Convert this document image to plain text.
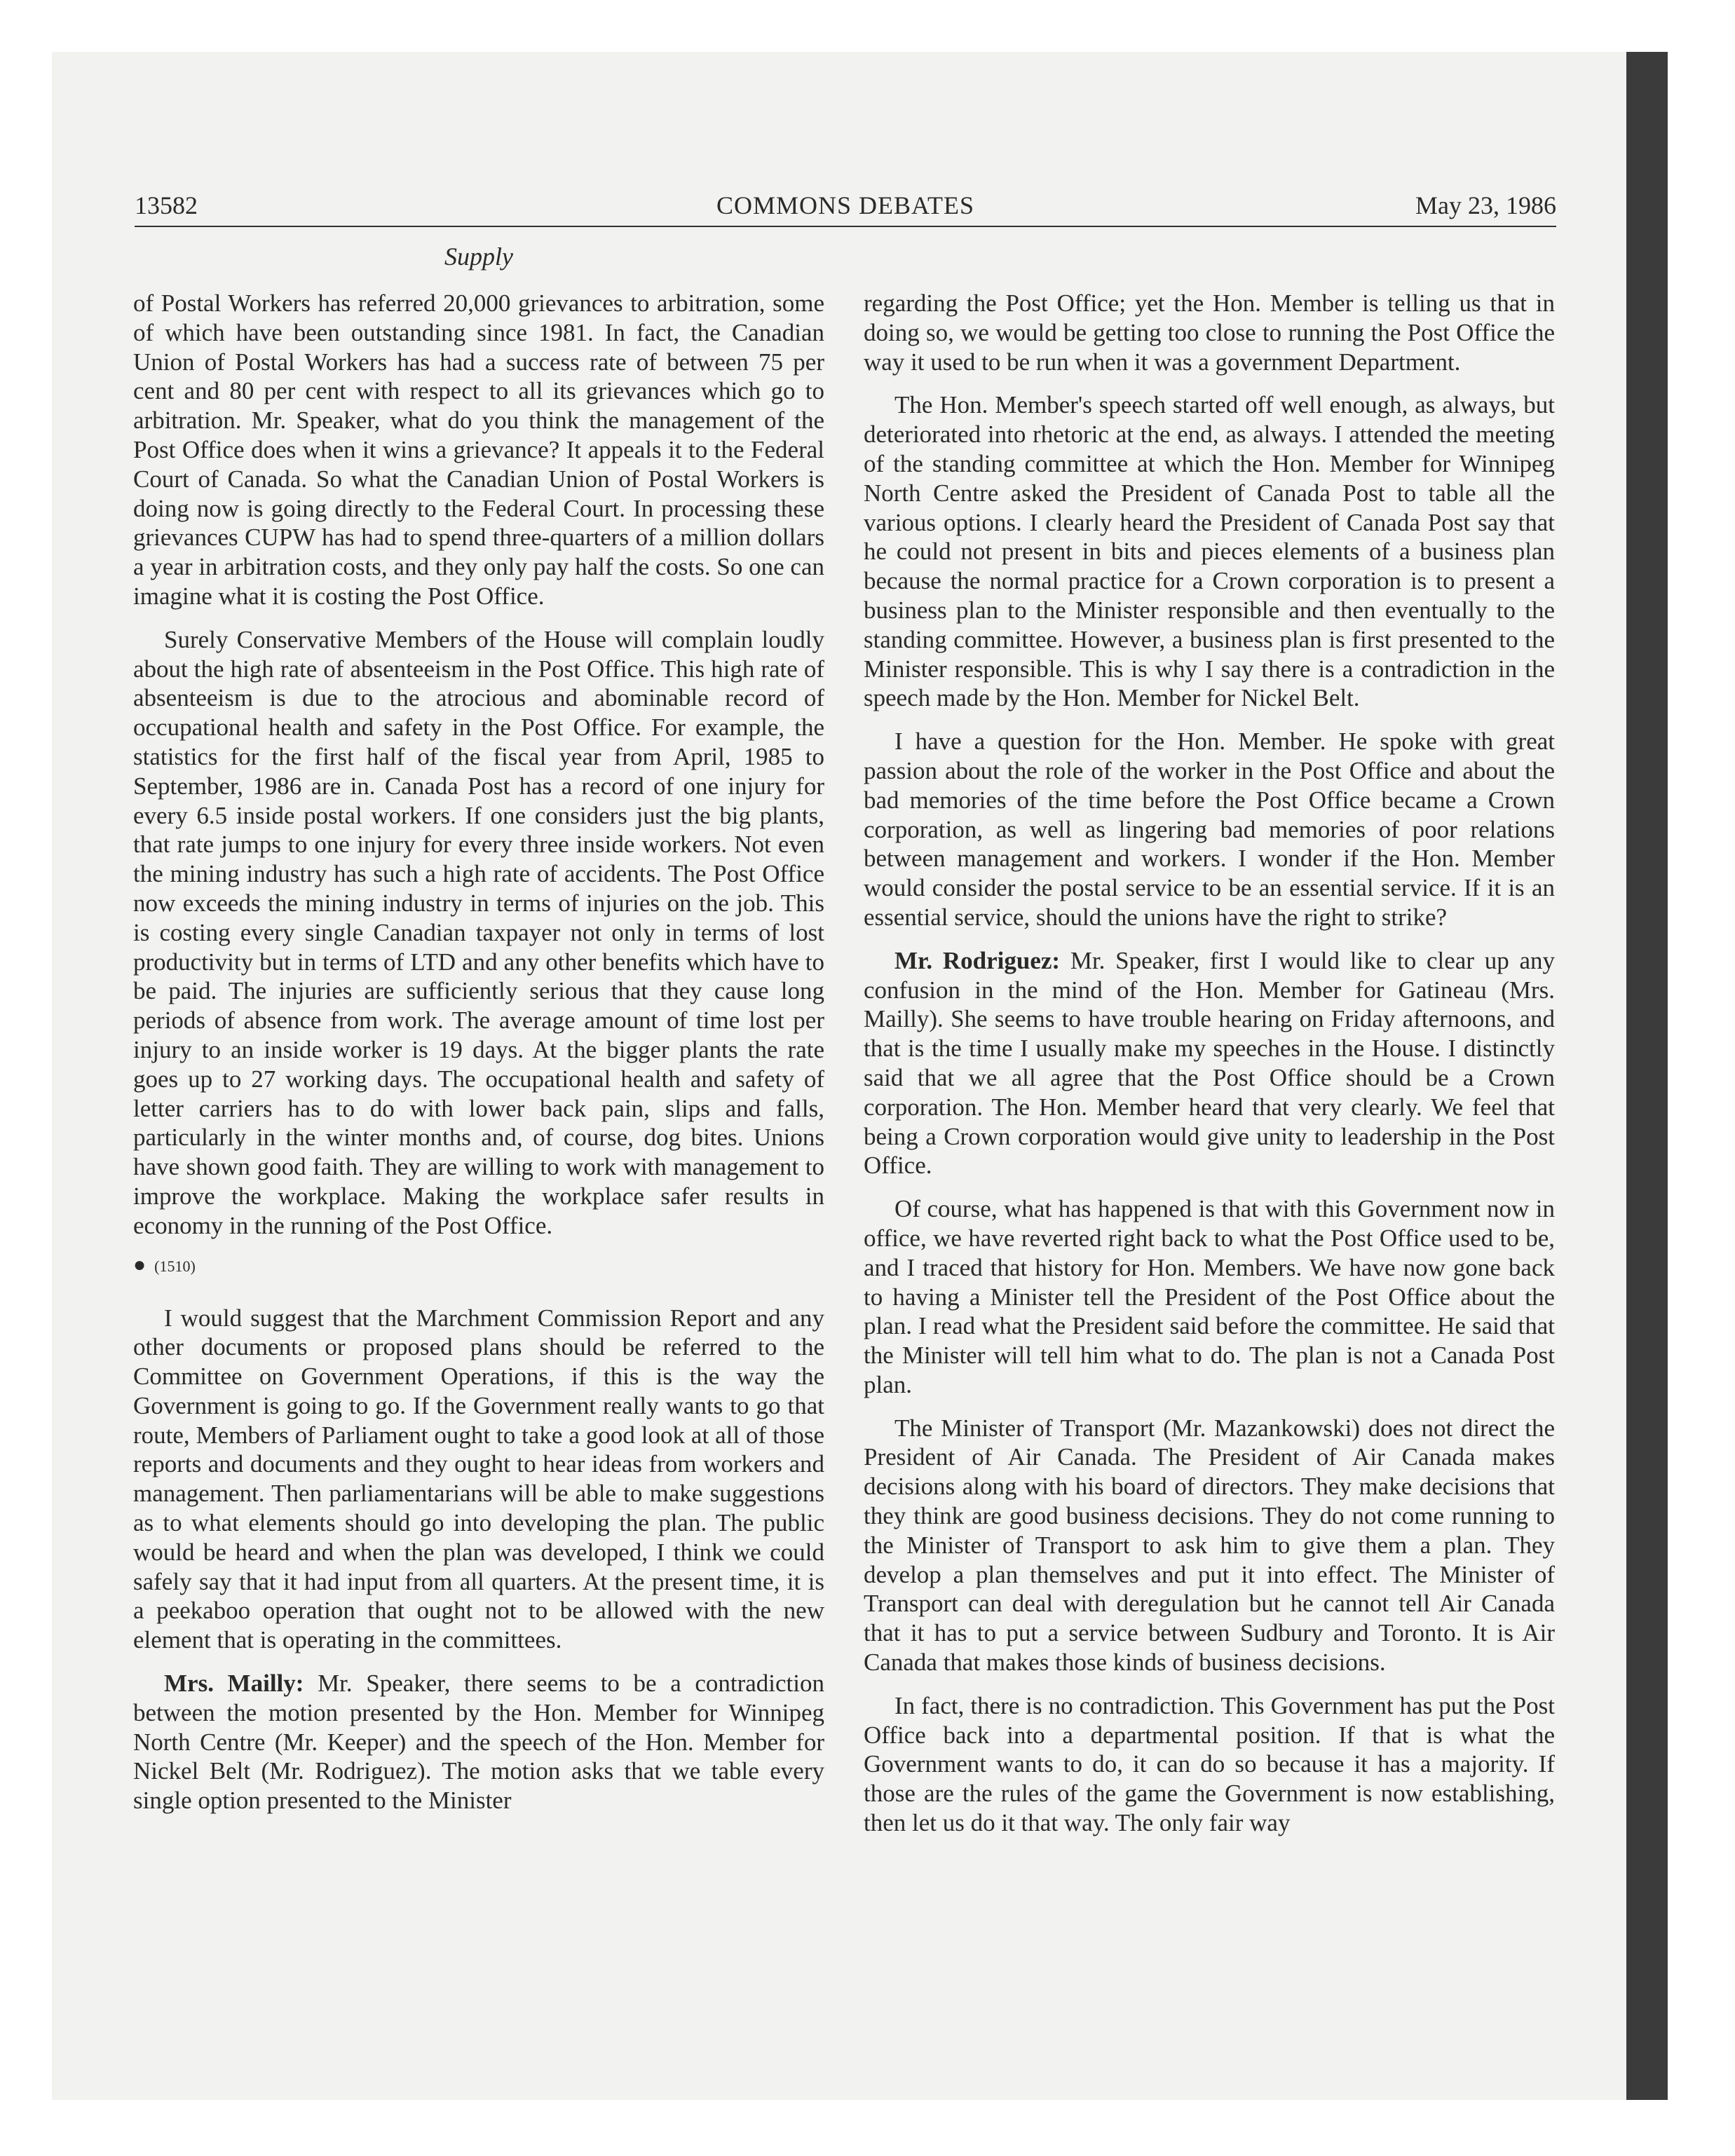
13582	COMMONS DEBATES	May 23, 1986
Supply

of Postal Workers has referred 20,000 grievances to arbitration, some of which have been outstanding since 1981. In fact, the Canadian Union of Postal Workers has had a success rate of between 75 per cent and 80 per cent with respect to all its grievances which go to arbitration. Mr. Speaker, what do you think the management of the Post Office does when it wins a grievance? It appeals it to the Federal Court of Canada. So what the Canadian Union of Postal Workers is doing now is going directly to the Federal Court. In processing these grievances CUPW has had to spend three-quarters of a million dollars a year in arbitration costs, and they only pay half the costs. So one can imagine what it is costing the Post Office.

Surely Conservative Members of the House will complain loudly about the high rate of absenteeism in the Post Office. This high rate of absenteeism is due to the atrocious and abominable record of occupational health and safety in the Post Office. For example, the statistics for the first half of the fiscal year from April, 1985 to September, 1986 are in. Canada Post has a record of one injury for every 6.5 inside postal workers. If one considers just the big plants, that rate jumps to one injury for every three inside workers. Not even the mining industry has such a high rate of accidents. The Post Office now exceeds the mining industry in terms of injuries on the job. This is costing every single Canadian taxpayer not only in terms of lost productivity but in terms of LTD and any other benefits which have to be paid. The injuries are sufficiently serious that they cause long periods of absence from work. The average amount of time lost per injury to an inside worker is 19 days. At the bigger plants the rate goes up to 27 working days. The occupational health and safety of letter carriers has to do with lower back pain, slips and falls, particularly in the winter months and, of course, dog bites. Unions have shown good faith. They are willing to work with management to improve the workplace. Making the workplace safer results in economy in the running of the Post Office.

● (1510)

I would suggest that the Marchment Commission Report and any other documents or proposed plans should be referred to the Committee on Government Operations, if this is the way the Government is going to go. If the Government really wants to go that route, Members of Parliament ought to take a good look at all of those reports and documents and they ought to hear ideas from workers and management. Then parliamentarians will be able to make suggestions as to what elements should go into developing the plan. The public would be heard and when the plan was developed, I think we could safely say that it had input from all quarters. At the present time, it is a peekaboo operation that ought not to be allowed with the new element that is operating in the committees.

Mrs. Mailly: Mr. Speaker, there seems to be a contradiction between the motion presented by the Hon. Member for Winnipeg North Centre (Mr. Keeper) and the speech of the Hon. Member for Nickel Belt (Mr. Rodriguez). The motion asks that we table every single option presented to the Minister

regarding the Post Office; yet the Hon. Member is telling us that in doing so, we would be getting too close to running the Post Office the way it used to be run when it was a government Department.

The Hon. Member's speech started off well enough, as always, but deteriorated into rhetoric at the end, as always. I attended the meeting of the standing committee at which the Hon. Member for Winnipeg North Centre asked the President of Canada Post to table all the various options. I clearly heard the President of Canada Post say that he could not present in bits and pieces elements of a business plan because the normal practice for a Crown corporation is to present a business plan to the Minister responsible and then eventually to the standing committee. However, a business plan is first presented to the Minister responsible. This is why I say there is a contradiction in the speech made by the Hon. Member for Nickel Belt.

I have a question for the Hon. Member. He spoke with great passion about the role of the worker in the Post Office and about the bad memories of the time before the Post Office became a Crown corporation, as well as lingering bad memories of poor relations between management and workers. I wonder if the Hon. Member would consider the postal service to be an essential service. If it is an essential service, should the unions have the right to strike?

Mr. Rodriguez: Mr. Speaker, first I would like to clear up any confusion in the mind of the Hon. Member for Gatineau (Mrs. Mailly). She seems to have trouble hearing on Friday afternoons, and that is the time I usually make my speeches in the House. I distinctly said that we all agree that the Post Office should be a Crown corporation. The Hon. Member heard that very clearly. We feel that being a Crown corporation would give unity to leadership in the Post Office.

Of course, what has happened is that with this Government now in office, we have reverted right back to what the Post Office used to be, and I traced that history for Hon. Members. We have now gone back to having a Minister tell the President of the Post Office about the plan. I read what the President said before the committee. He said that the Minister will tell him what to do. The plan is not a Canada Post plan.

The Minister of Transport (Mr. Mazankowski) does not direct the President of Air Canada. The President of Air Canada makes decisions along with his board of directors. They make decisions that they think are good business decisions. They do not come running to the Minister of Transport to ask him to give them a plan. They develop a plan themselves and put it into effect. The Minister of Transport can deal with deregulation but he cannot tell Air Canada that it has to put a service between Sudbury and Toronto. It is Air Canada that makes those kinds of business decisions.

In fact, there is no contradiction. This Government has put the Post Office back into a departmental position. If that is what the Government wants to do, it can do so because it has a majority. If those are the rules of the game the Government is now establishing, then let us do it that way. The only fair way
